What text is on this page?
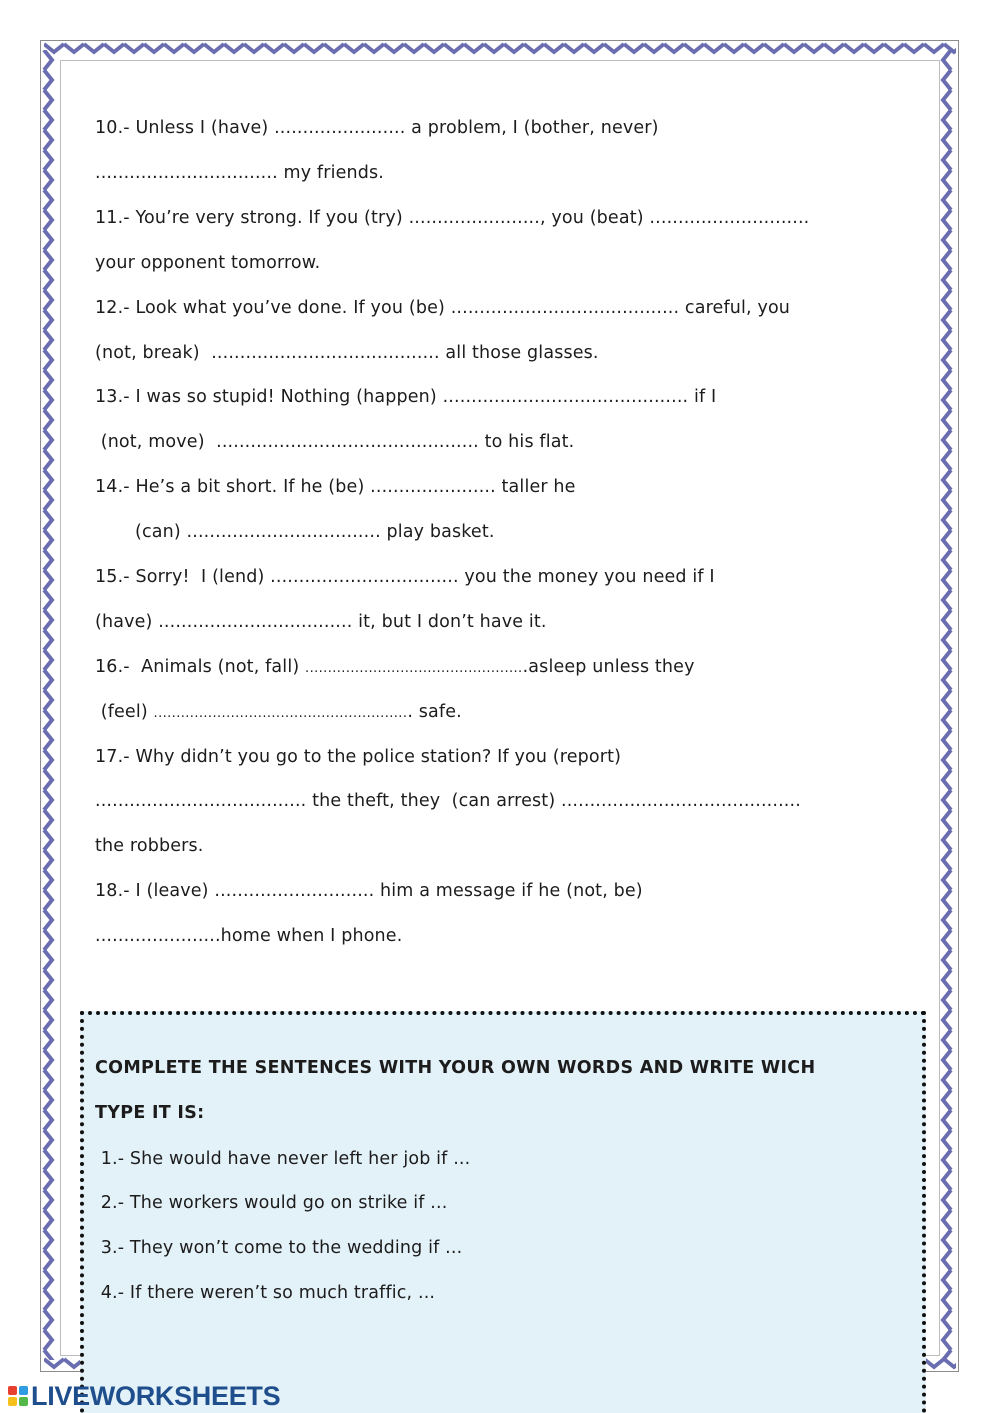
10.- Unless I (have) ....................... a problem, I (bother, never)
................................ my friends.
11.- You’re very strong. If you (try) ......................., you (beat) ............................
your opponent tomorrow.
12.- Look what you’ve done. If you (be) ........................................ careful, you
(not, break)  ........................................ all those glasses.
13.- I was so stupid! Nothing (happen) ........................................... if I
(not, move)  .............................................. to his flat.
14.- He’s a bit short. If he (be) ...................... taller he
(can) .................................. play basket.
15.- Sorry!  I (lend) ................................. you the money you need if I
(have) .................................. it, but I don’t have it.
16.-  Animals (not, fall) .................................................asleep unless they
(feel) ......................................................... safe.
17.- Why didn’t you go to the police station? If you (report)
..................................... the theft, they  (can arrest) ..........................................
the robbers.
18.- I (leave) ............................ him a message if he (not, be)
......................home when I phone.
COMPLETE THE SENTENCES WITH YOUR OWN WORDS AND WRITE WICH
TYPE IT IS:
1.- She would have never left her job if ...
2.- The workers would go on strike if ...
3.- They won’t come to the wedding if ...
4.- If there weren’t so much traffic, ...
LIVEWORKSHEETS
